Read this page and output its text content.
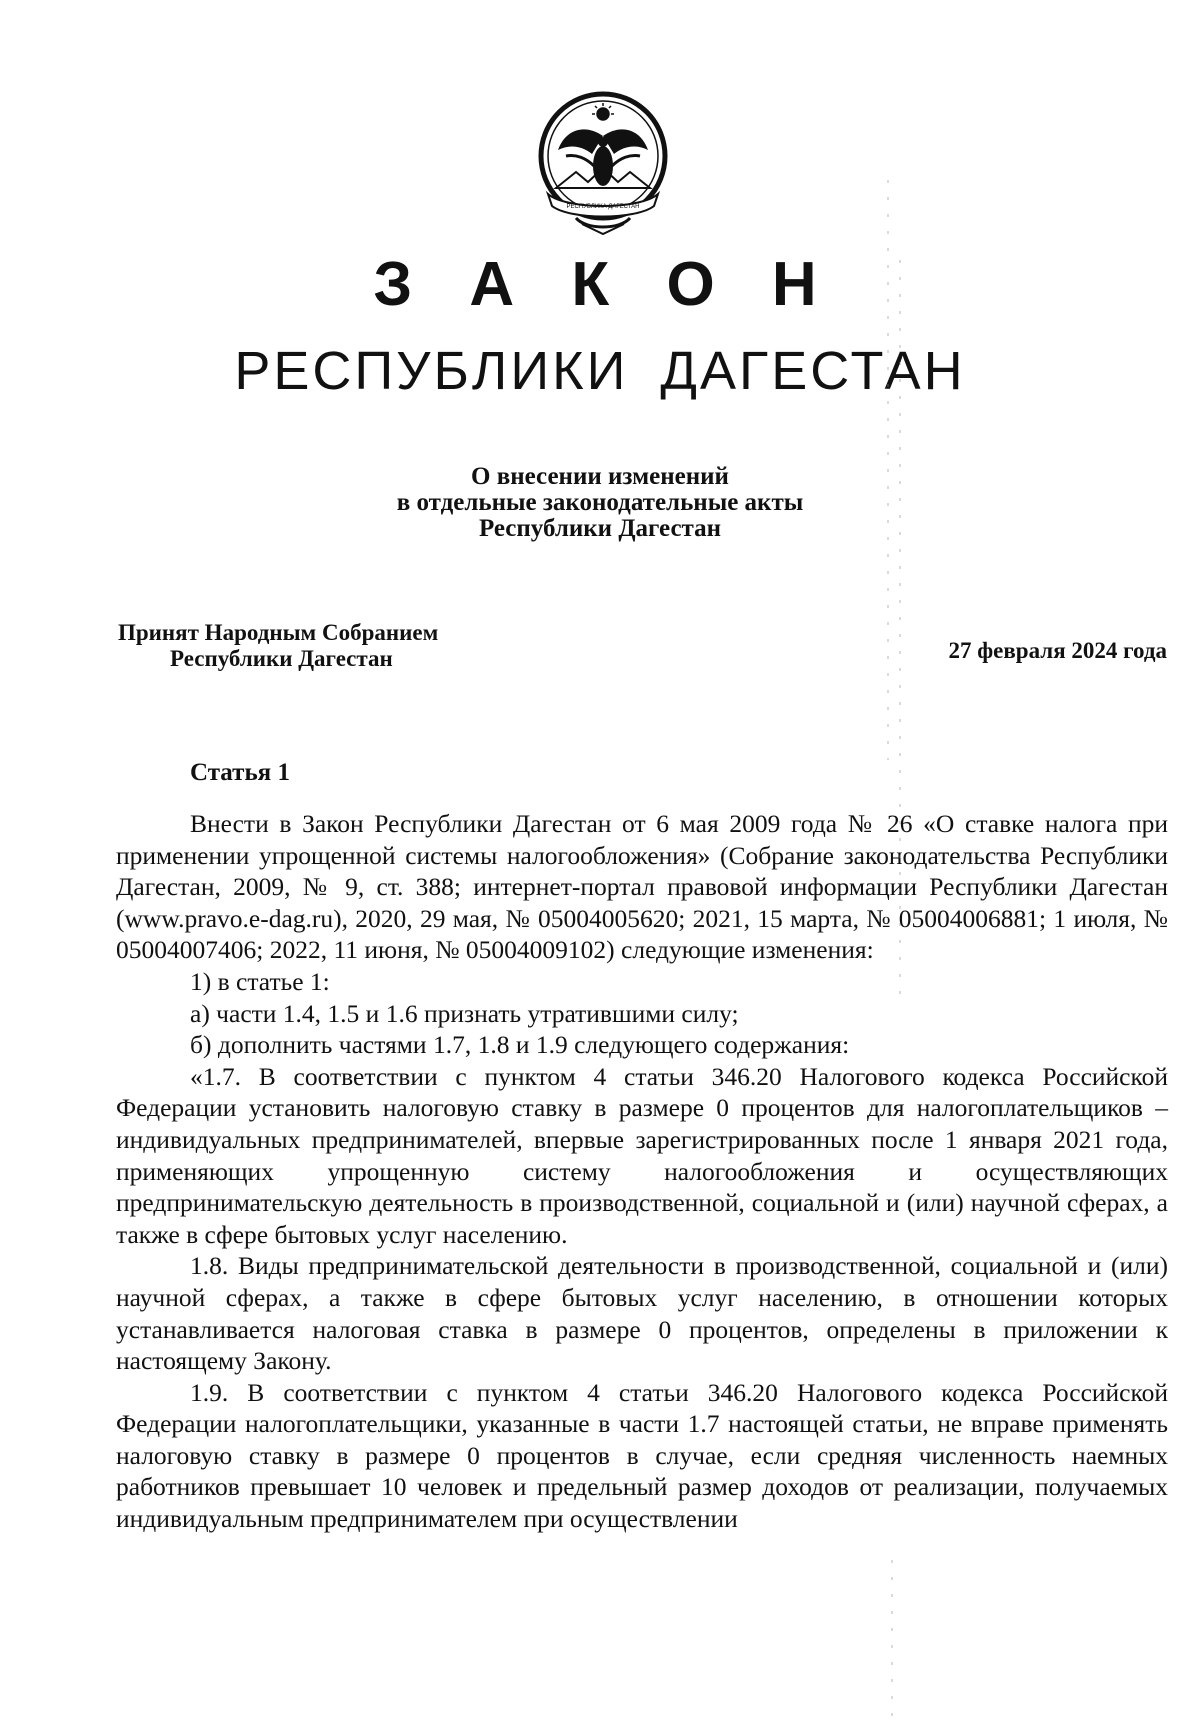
РЕСПУБЛИКА ДАГЕСТАН
З А К О Н
РЕСПУБЛИКИ ДАГЕСТАН
О внесении изменений
в отдельные законодательные акты
Республики Дагестан
Принят Народным Собранием
Республики Дагестан	27 февраля 2024 года
Статья 1

Внести в Закон Республики Дагестан от 6 мая 2009 года № 26 «О ставке налога при применении упрощенной системы налогообложения» (Собрание законодательства Республики Дагестан, 2009, № 9, ст. 388; интернет-портал правовой информации Республики Дагестан (www.pravo.e-dag.ru), 2020, 29 мая, № 05004005620; 2021, 15 марта, № 05004006881; 1 июля, № 05004007406; 2022, 11 июня, № 05004009102) следующие изменения:

1) в статье 1:

а) части 1.4, 1.5 и 1.6 признать утратившими силу;

б) дополнить частями 1.7, 1.8 и 1.9 следующего содержания:

«1.7. В соответствии с пунктом 4 статьи 346.20 Налогового кодекса Российской Федерации установить налоговую ставку в размере 0 процентов для налогоплательщиков – индивидуальных предпринимателей, впервые зарегистрированных после 1 января 2021 года, применяющих упрощенную систему налогообложения и осуществляющих предпринимательскую деятельность в производственной, социальной и (или) научной сферах, а также в сфере бытовых услуг населению.

1.8. Виды предпринимательской деятельности в производственной, социальной и (или) научной сферах, а также в сфере бытовых услуг населению, в отношении которых устанавливается налоговая ставка в размере 0 процентов, определены в приложении к настоящему Закону.

1.9. В соответствии с пунктом 4 статьи 346.20 Налогового кодекса Российской Федерации налогоплательщики, указанные в части 1.7 настоящей статьи, не вправе применять налоговую ставку в размере 0 процентов в случае, если средняя численность наемных работников превышает 10 человек и предельный размер доходов от реализации, получаемых индивидуальным предпринимателем при осуществлении
